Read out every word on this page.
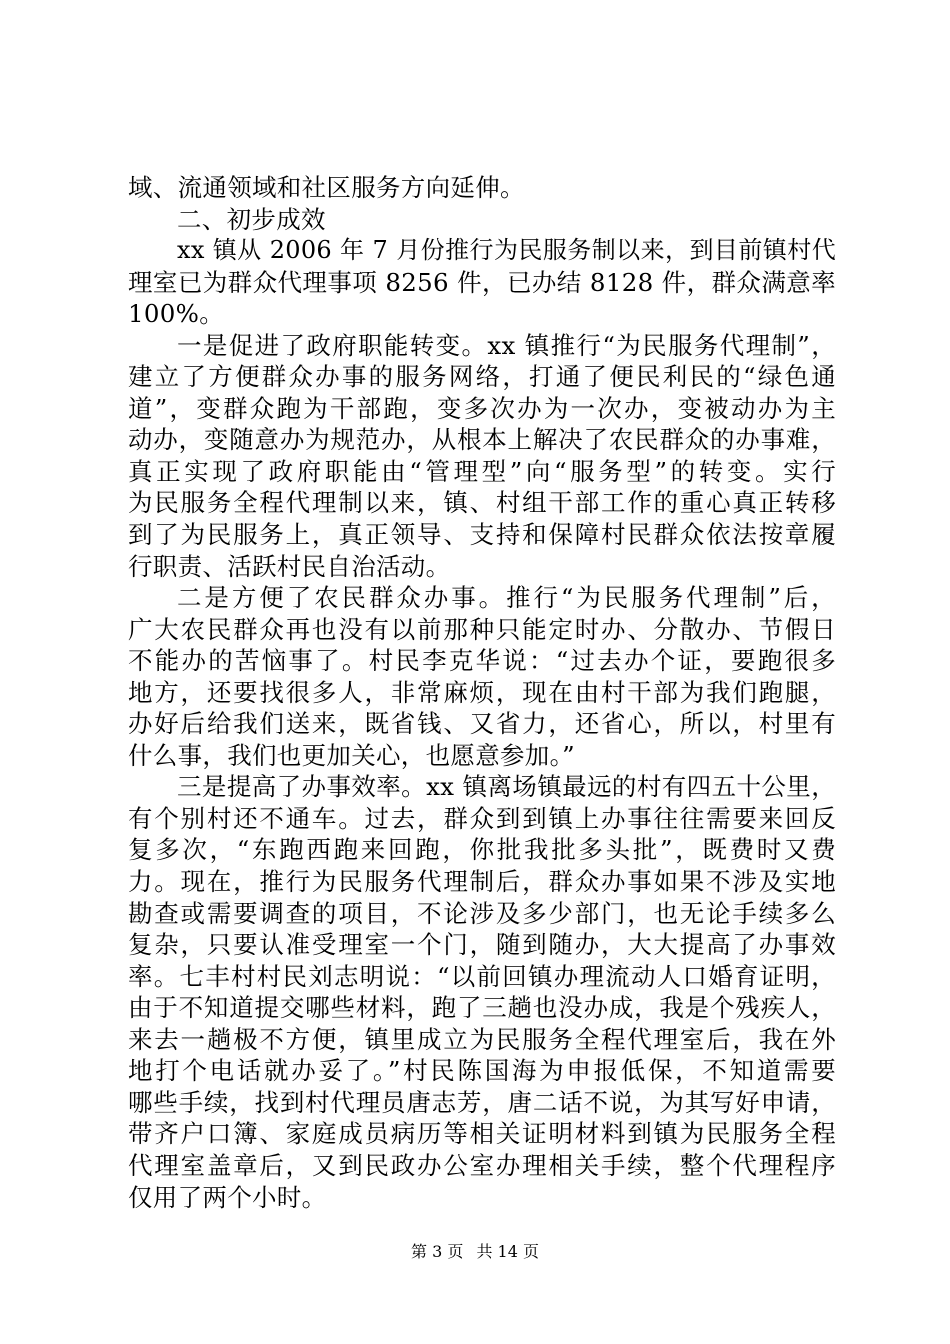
域、流通领域和社区服务方向延伸。
二、初步成效
xx 镇从 2006 年 7 月份推行为民服务制以来，到目前镇村代
理室已为群众代理事项 8256 件，已办结 8128 件，群众满意率
100%。
一是促进了政府职能转变。xx 镇推行“为民服务代理制”，
建立了方便群众办事的服务网络，打通了便民利民的“绿色通
道”，变群众跑为干部跑，变多次办为一次办，变被动办为主
动办，变随意办为规范办，从根本上解决了农民群众的办事难，
真正实现了政府职能由“管理型”向“服务型”的转变。实行
为民服务全程代理制以来，镇、村组干部工作的重心真正转移
到了为民服务上，真正领导、支持和保障村民群众依法按章履
行职责、活跃村民自治活动。
二是方便了农民群众办事。推行“为民服务代理制”后，
广大农民群众再也没有以前那种只能定时办、分散办、节假日
不能办的苦恼事了。村民李克华说：“过去办个证，要跑很多
地方，还要找很多人，非常麻烦，现在由村干部为我们跑腿，
办好后给我们送来，既省钱、又省力，还省心，所以，村里有
什么事，我们也更加关心，也愿意参加。”
三是提高了办事效率。xx 镇离场镇最远的村有四五十公里，
有个别村还不通车。过去，群众到到镇上办事往往需要来回反
复多次，“东跑西跑来回跑，你批我批多头批”，既费时又费
力。现在，推行为民服务代理制后，群众办事如果不涉及实地
勘查或需要调查的项目，不论涉及多少部门，也无论手续多么
复杂，只要认准受理室一个门，随到随办，大大提高了办事效
率。七丰村村民刘志明说：“以前回镇办理流动人口婚育证明，
由于不知道提交哪些材料，跑了三趟也没办成，我是个残疾人，
来去一趟极不方便，镇里成立为民服务全程代理室后，我在外
地打个电话就办妥了。”村民陈国海为申报低保，不知道需要
哪些手续，找到村代理员唐志芳，唐二话不说，为其写好申请，
带齐户口簿、家庭成员病历等相关证明材料到镇为民服务全程
代理室盖章后，又到民政办公室办理相关手续，整个代理程序
仅用了两个小时。
第 3 页 共 14 页
